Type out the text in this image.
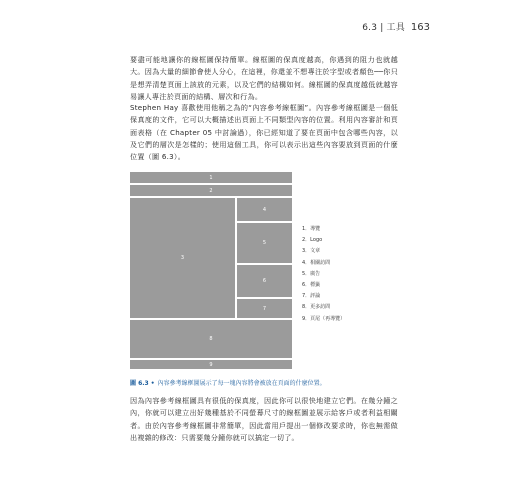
6.3 | 工具 163

要盡可能地讓你的線框圖保持簡單。線框圖的保真度越高，你遇到的阻力也就越大。因為大量的細節會使人分心，在這裡，你還並不想專注於字型或者顏色──你只是想弄清楚頁面上該放的元素，以及它們的結構如何。線框圖的保真度越低就越容易讓人專注於頁面的結構、層次和行為。

Stephen Hay 喜歡使用他稱之為的“內容參考線框圖”。內容參考線框圖是一個低保真度的文件，它可以大概描述出頁面上不同類型內容的位置。利用內容審計和頁面表格（在 Chapter 05 中討論過），你已經知道了要在頁面中包含哪些內容，以及它們的層次是怎樣的；使用這個工具，你可以表示出這些內容要放到頁面的什麼位置（圖 6.3）。

1
2
3
4
5
6
7
8
9
1．導覽
2．Logo
3．文章
4．相關訪問
5．廣告
6．標籤
7．評論
8．更多訪問
9．頁尾（再導覽）
圖 6.3 • 內容參考線框圖展示了每一塊內容將會被放在頁面的什麼位置。

因為內容參考線框圖具有很低的保真度，因此你可以很快地建立它們。在幾分鐘之內，你就可以建立出好幾種基於不同螢幕尺寸的線框圖並展示給客戶或者利益相關者。由於內容參考線框圖非常簡單，因此當用戶提出一個修改要求時，你也無需做出複雜的修改：只需要幾分鐘你就可以搞定一切了。
